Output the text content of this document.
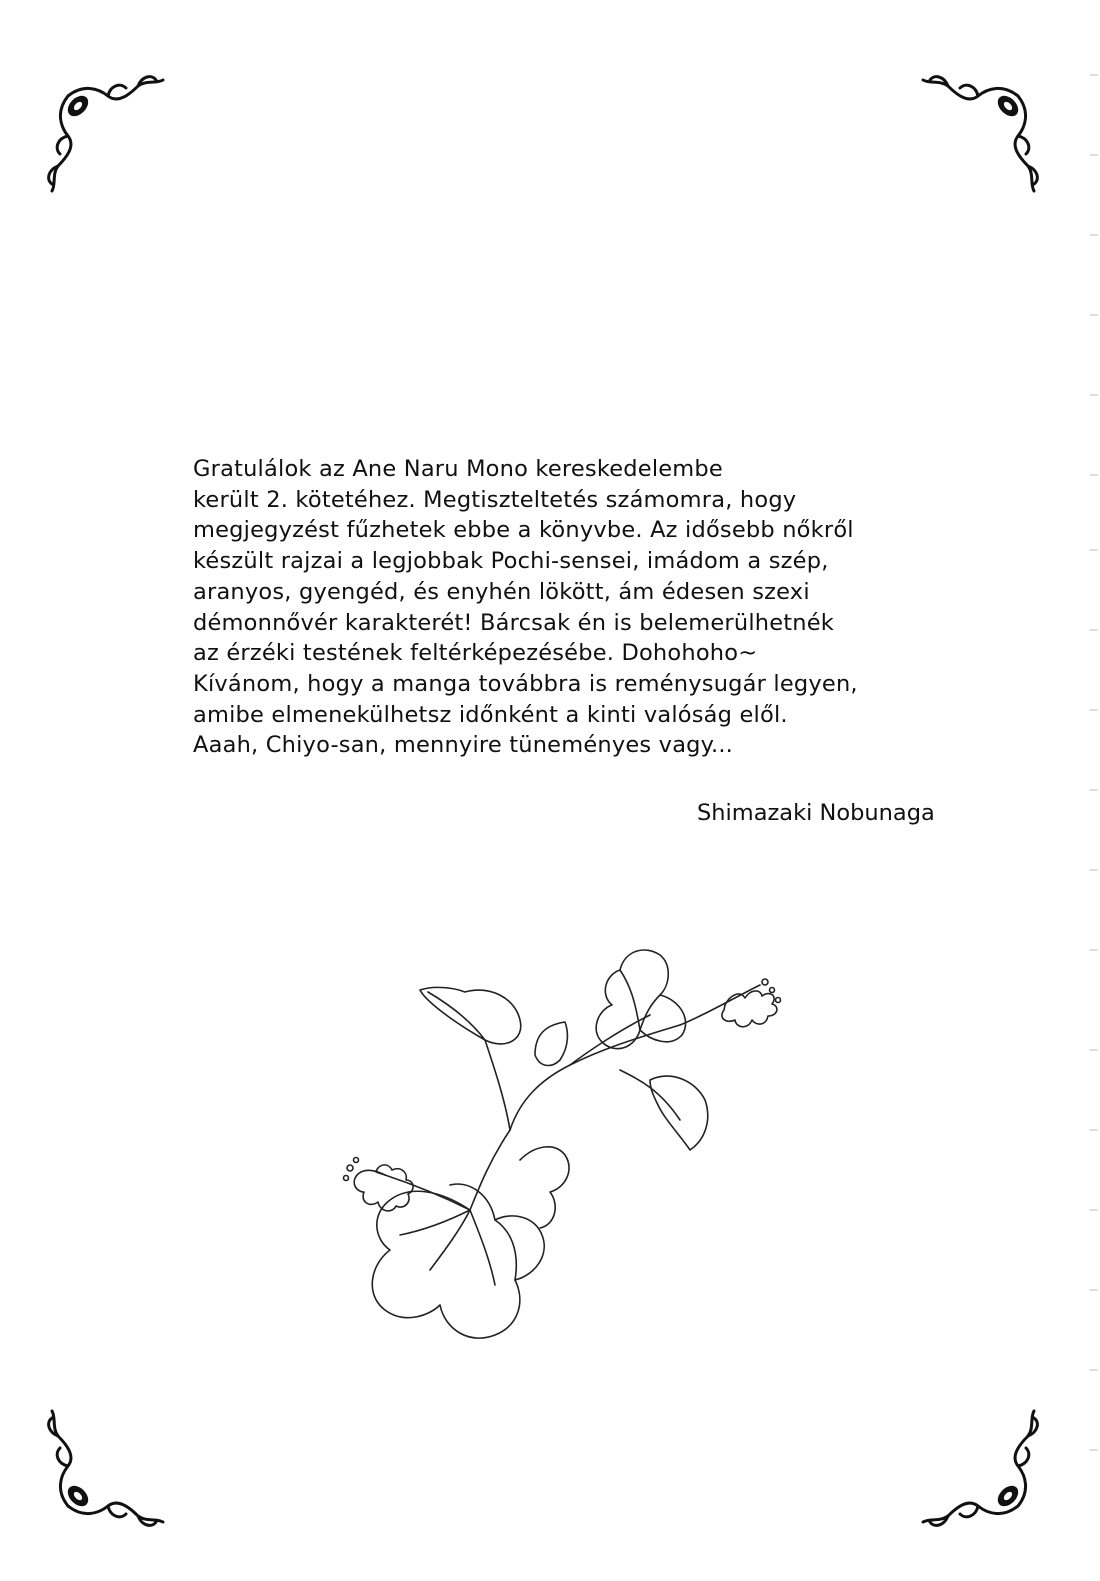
Gratulálok az Ane Naru Mono kereskedelembe
került 2. kötetéhez. Megtiszteltetés számomra, hogy
megjegyzést fűzhetek ebbe a könyvbe. Az idősebb nőkről
készült rajzai a legjobbak Pochi-sensei, imádom a szép,
aranyos, gyengéd, és enyhén lökött, ám édesen szexi
démonnővér karakterét! Bárcsak én is belemerülhetnék
az érzéki testének feltérképezésébe. Dohohoho~
Kívánom, hogy a manga továbbra is reménysugár legyen,
amibe elmenekülhetsz időnként a kinti valóság elől.
Aaah, Chiyo-san, mennyire tüneményes vagy...
Shimazaki Nobunaga
